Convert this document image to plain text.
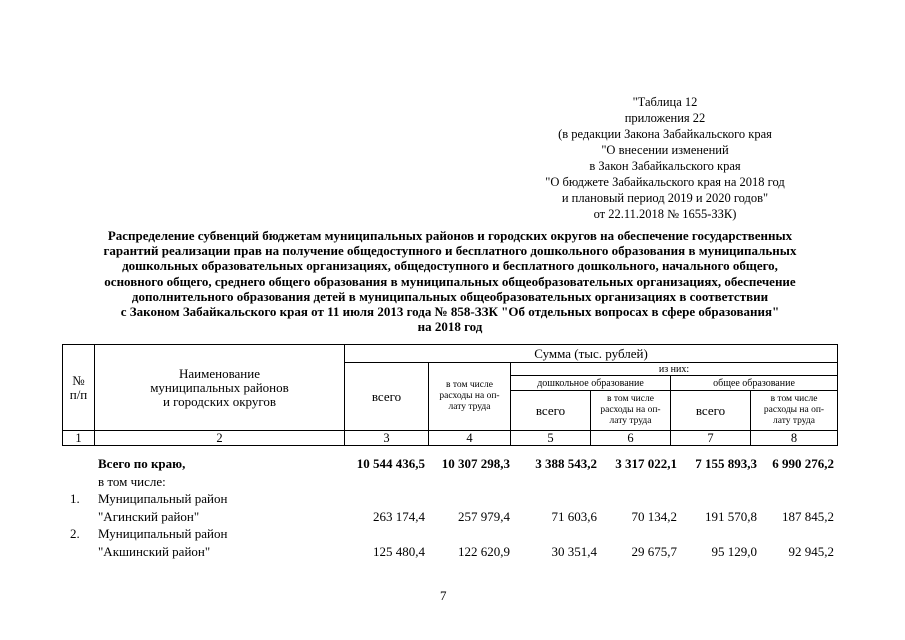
"Таблица 12
приложения 22
(в редакции Закона Забайкальского края
"О внесении изменений
в Закон Забайкальского края
"О бюджете Забайкальского края на 2018 год
и плановый период 2019 и 2020 годов"
от 22.11.2018 № 1655-ЗЗК)
Распределение субвенций бюджетам муниципальных районов и городских округов на обеспечение государственных
гарантий реализации прав на получение общедоступного и бесплатного дошкольного образования в муниципальных
дошкольных образовательных организациях, общедоступного и бесплатного дошкольного, начального общего,
основного общего, среднего общего образования в муниципальных общеобразовательных организациях, обеспечение
дополнительного образования детей в муниципальных общеобразовательных организациях в соответствии
с Законом Забайкальского края от 11 июля 2013 года № 858-ЗЗК "Об отдельных вопросах в сфере образования"
на 2018 год
№
п/п	Наименование
муниципальных районов
и городских округов	Сумма (тыс. рублей)					
		всего	в том числе
расходы на оп-
лату труда	из них:			
				дошкольное образование		общее образование	
				всего	в том числе
расходы на оп-
лату труда	всего	в том числе
расходы на оп-
лату труда
1	2	3	4	5	6	7	8
Всего по краю,	10 544 436,5	10 307 298,3	3 388 543,2	3 317 022,1	7 155 893,3	6 990 276,2
в том числе:
1. Муниципальный район
"Агинский район"	263 174,4	257 979,4	71 603,6	70 134,2	191 570,8	187 845,2
2. Муниципальный район
"Акшинский район"	125 480,4	122 620,9	30 351,4	29 675,7	95 129,0	92 945,2
7
